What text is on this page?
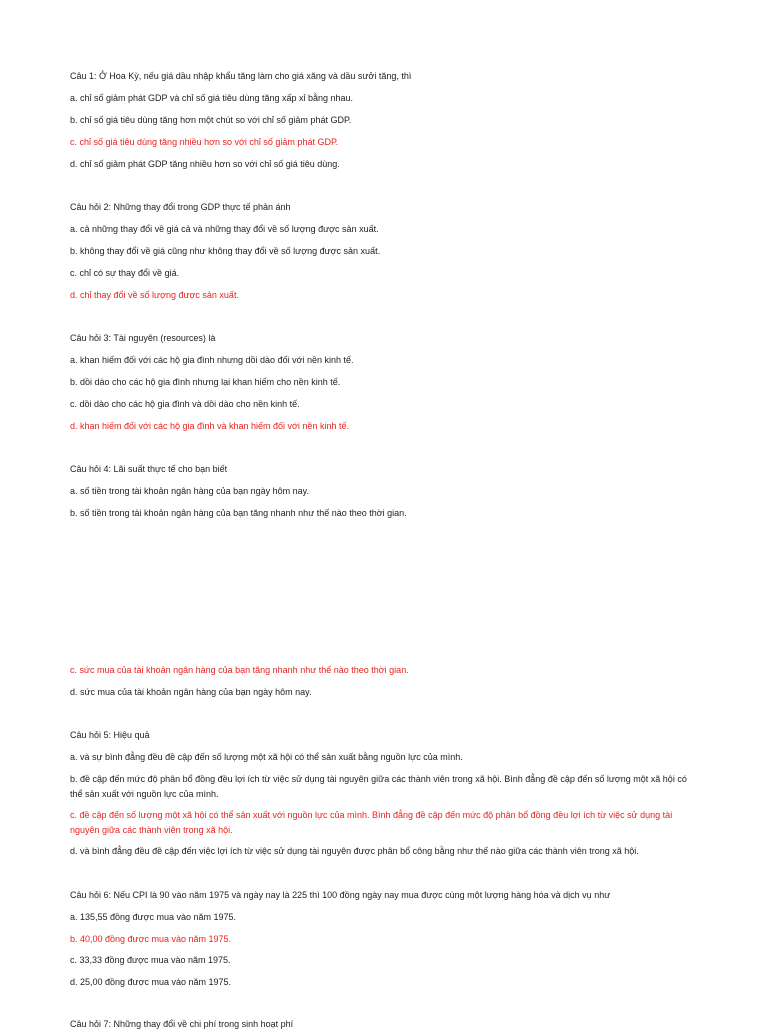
Câu 1: Ở Hoa Kỳ, nếu giá dầu nhập khẩu tăng làm cho giá xăng và dầu sưởi tăng, thì
a. chỉ số giảm phát GDP và chỉ số giá tiêu dùng tăng xấp xỉ bằng nhau.
b. chỉ số giá tiêu dùng tăng hơn một chút so với chỉ số giảm phát GDP.
c. chỉ số giá tiêu dùng tăng nhiều hơn so với chỉ số giảm phát GDP.
d. chỉ số giảm phát GDP tăng nhiều hơn so với chỉ số giá tiêu dùng.
Câu hỏi 2: Những thay đổi trong GDP thực tế phản ánh
a. cả những thay đổi về giá cả và những thay đổi về số lượng được sản xuất.
b. không thay đổi về giá cũng như không thay đổi về số lượng được sản xuất.
c. chỉ có sự thay đổi về giá.
d. chỉ thay đổi về số lượng được sản xuất.
Câu hỏi 3: Tài nguyên (resources) là
a. khan hiếm đối với các hộ gia đình nhưng dồi dào đối với nền kinh tế.
b. dồi dào cho các hộ gia đình nhưng lại khan hiếm cho nền kinh tế.
c. dồi dào cho các hộ gia đình và dồi dào cho nền kinh tế.
d. khan hiếm đối với các hộ gia đình và khan hiếm đối với nền kinh tế.
Câu hỏi 4: Lãi suất thực tế cho bạn biết
a. số tiền trong tài khoản ngân hàng của bạn ngày hôm nay.
b. số tiền trong tài khoản ngân hàng của bạn tăng nhanh như thế nào theo thời gian.
c. sức mua của tài khoản ngân hàng của bạn tăng nhanh như thế nào theo thời gian.
d. sức mua của tài khoản ngân hàng của bạn ngày hôm nay.
Câu hỏi 5: Hiệu quả
a. và sự bình đẳng đều đề cập đến số lượng một xã hội có thể sản xuất bằng nguồn lực của mình.
b. đề cập đến mức độ phân bổ đồng đều lợi ích từ việc sử dụng tài nguyên giữa các thành viên trong xã hội. Bình đẳng đề cập đến số lượng một xã hội có thể sản xuất với nguồn lực của mình.
c. đề cập đến số lượng một xã hội có thể sản xuất với nguồn lực của mình. Bình đẳng đề cập đến mức độ phân bổ đồng đều lợi ích từ việc sử dụng tài nguyên giữa các thành viên trong xã hội.
d. và bình đẳng đều đề cập đến việc lợi ích từ việc sử dụng tài nguyên được phân bổ công bằng như thế nào giữa các thành viên trong xã hội.
Câu hỏi 6: Nếu CPI là 90 vào năm 1975 và ngày nay là 225 thì 100 đồng ngày nay mua được cùng một lượng hàng hóa và dịch vụ như
a. 135,55 đồng được mua vào năm 1975.
b. 40,00 đồng được mua vào năm 1975.
c. 33,33 đồng được mua vào năm 1975.
d. 25,00 đồng được mua vào năm 1975.
Câu hỏi 7: Những thay đổi về chi phí trong sinh hoạt phí
